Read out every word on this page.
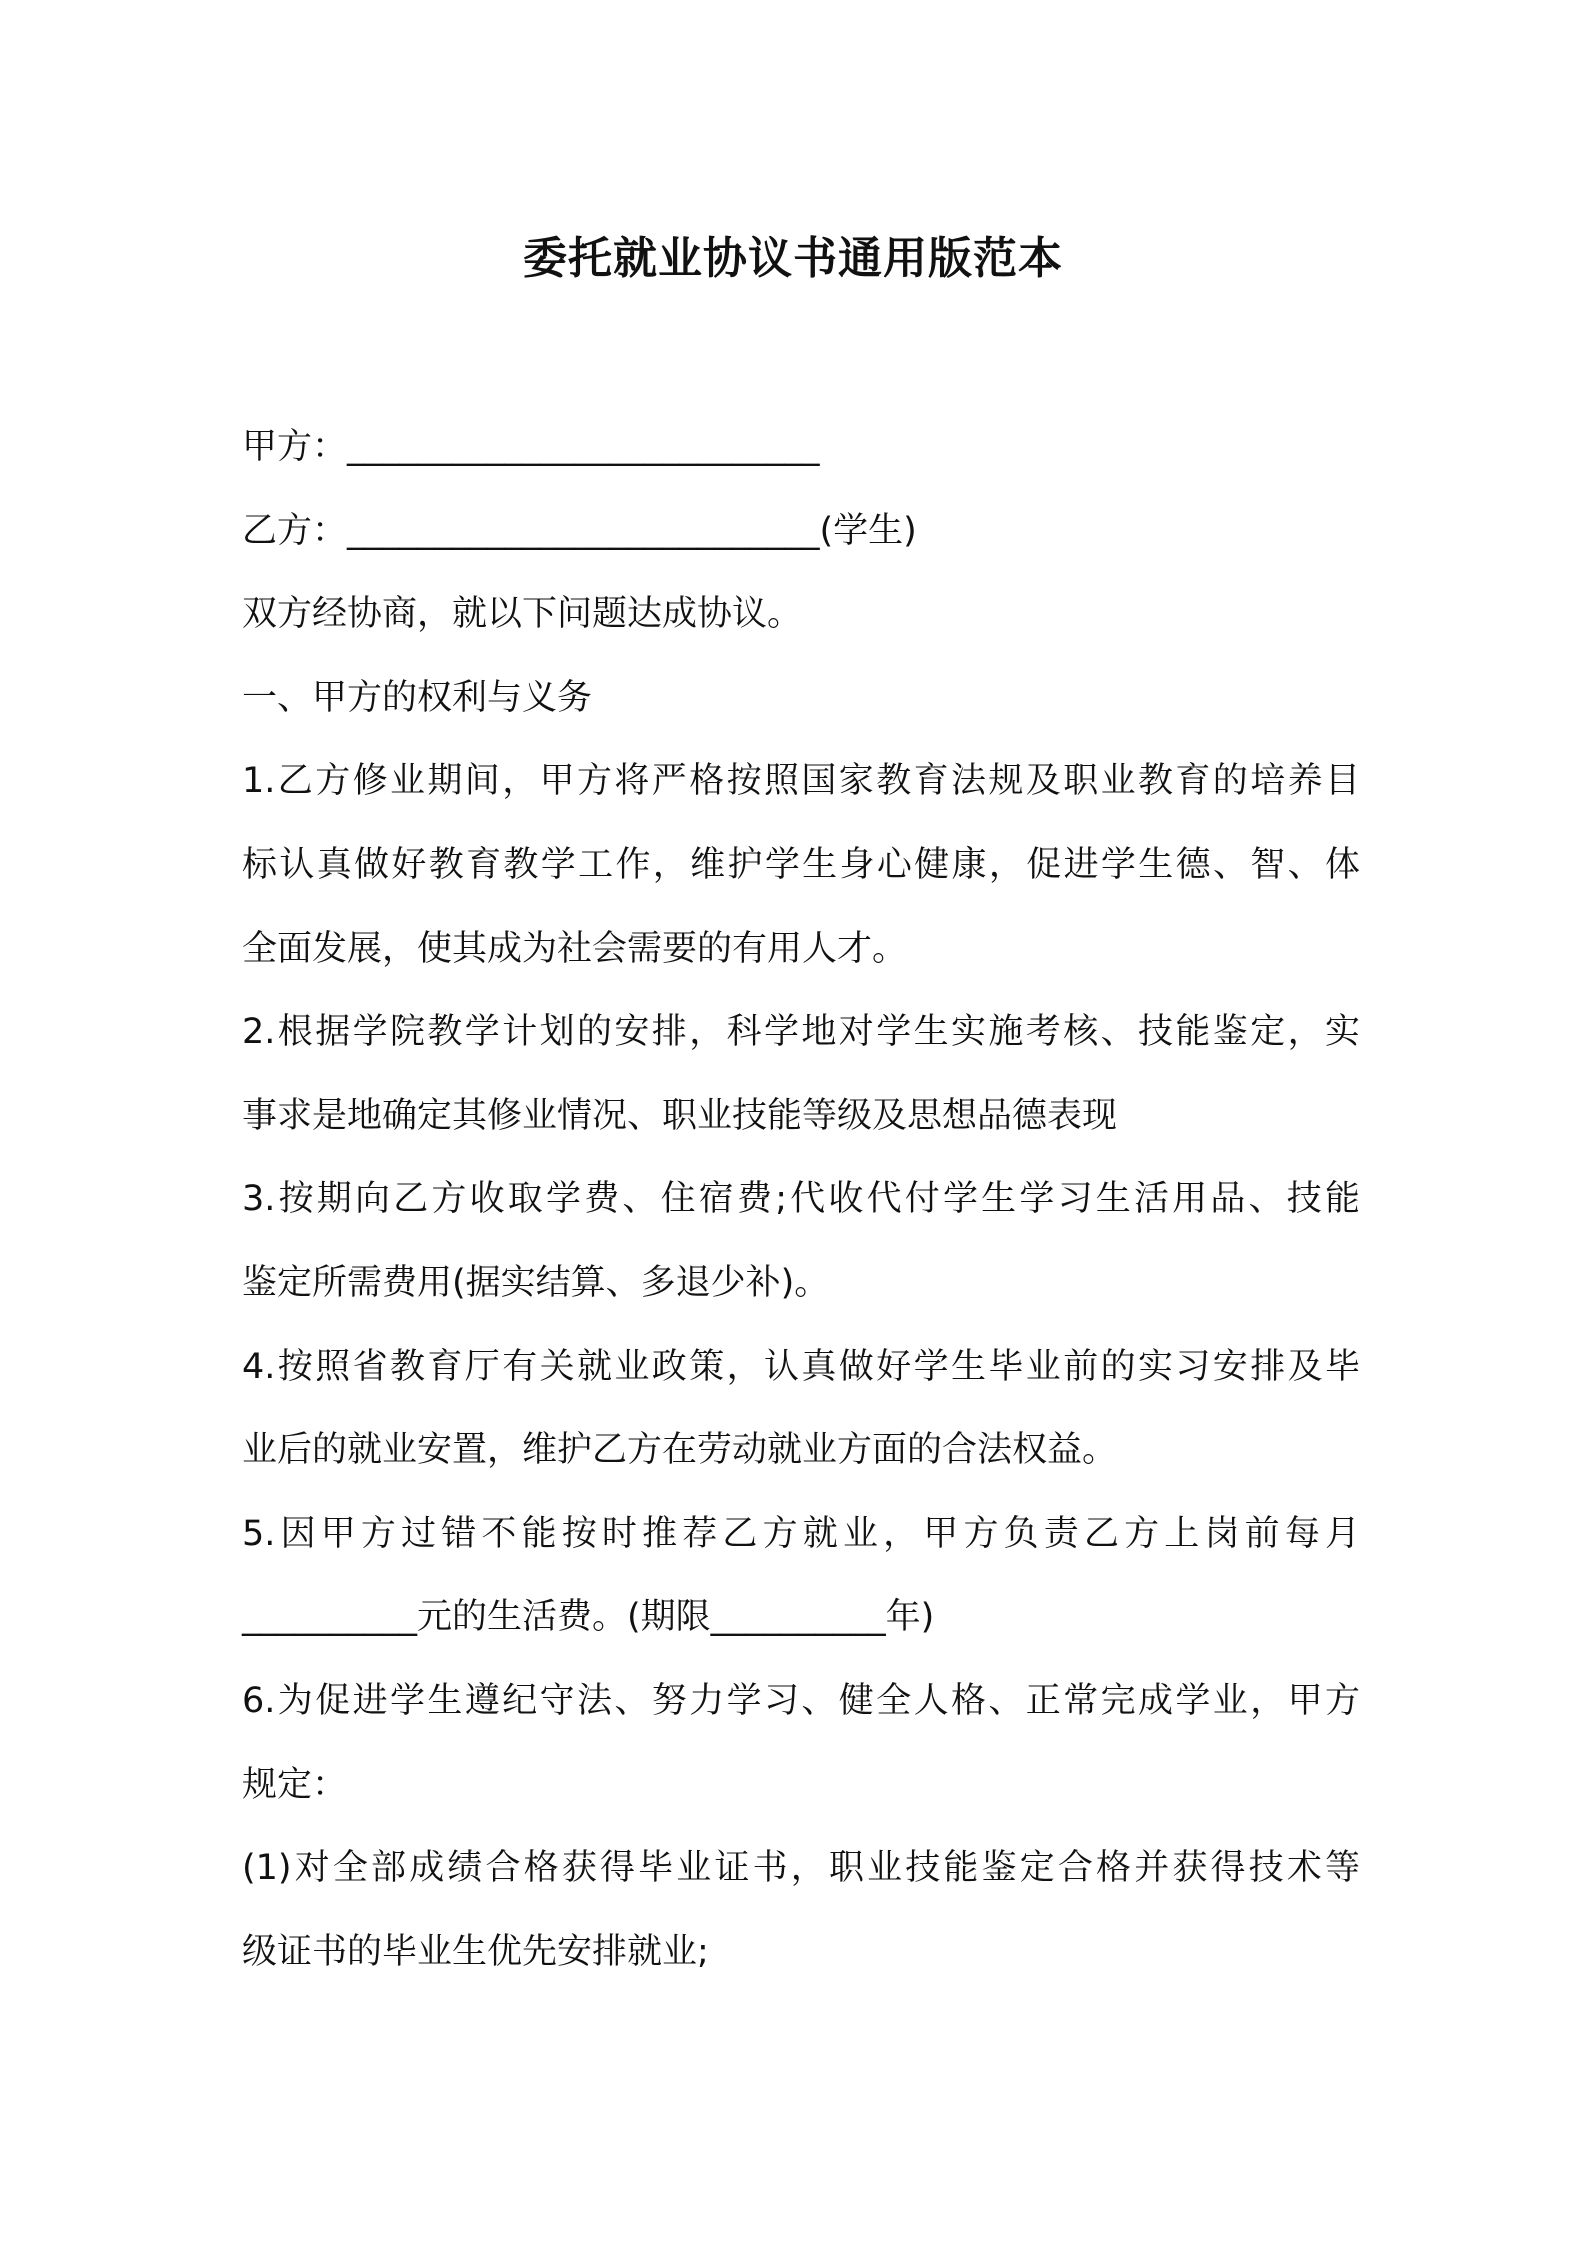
委托就业协议书通用版范本

甲方：___________________________

乙方：___________________________(学生)

双方经协商，就以下问题达成协议。

一、甲方的权利与义务

1.乙方修业期间，甲方将严格按照国家教育法规及职业教育的培养目

标认真做好教育教学工作，维护学生身心健康，促进学生德、智、体

全面发展，使其成为社会需要的有用人才。

2.根据学院教学计划的安排，科学地对学生实施考核、技能鉴定，实

事求是地确定其修业情况、职业技能等级及思想品德表现

3.按期向乙方收取学费、住宿费;代收代付学生学习生活用品、技能

鉴定所需费用(据实结算、多退少补)。

4.按照省教育厅有关就业政策，认真做好学生毕业前的实习安排及毕

业后的就业安置，维护乙方在劳动就业方面的合法权益。

5.因甲方过错不能按时推荐乙方就业，甲方负责乙方上岗前每月

__________元的生活费。(期限__________年)

6.为促进学生遵纪守法、努力学习、健全人格、正常完成学业，甲方

规定：

(1)对全部成绩合格获得毕业证书，职业技能鉴定合格并获得技术等

级证书的毕业生优先安排就业;
